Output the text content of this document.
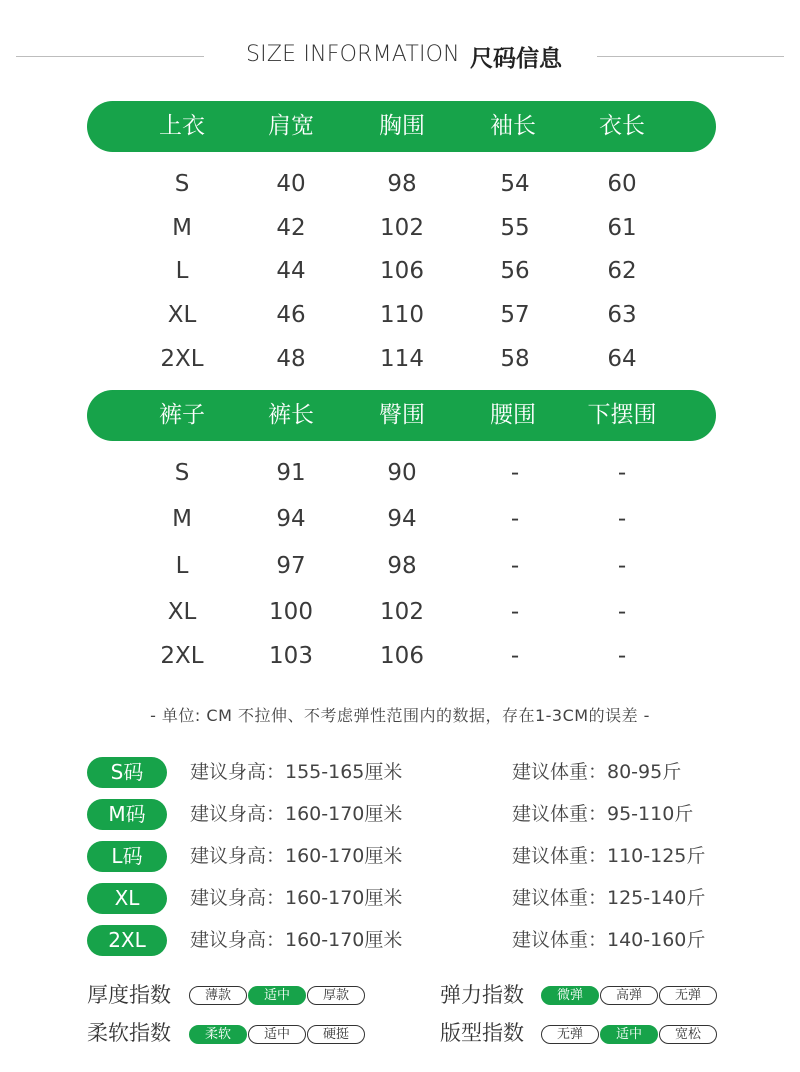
SIZE INFORMATION 尺码信息
上衣	肩宽	胸围	袖长	衣长
S	40	98	54	60
M	42	102	55	61
L	44	106	56	62
XL	46	110	57	63
2XL	48	114	58	64
裤子	裤长	臀围	腰围	下摆围
S	91	90	-	-
M	94	94	-	-
L	97	98	-	-
XL	100	102	-	-
2XL	103	106	-	-
- 单位: CM 不拉伸、不考虑弹性范围内的数据，存在1-3CM的误差 -
S码	建议身高：155-165厘米	建议体重：80-95斤
M码	建议身高：160-170厘米	建议体重：95-110斤
L码	建议身高：160-170厘米	建议体重：110-125斤
XL	建议身高：160-170厘米	建议体重：125-140斤
2XL	建议身高：160-170厘米	建议体重：140-160斤
厚度指数	薄款	适中	厚款	弹力指数	微弹	高弹	无弹
柔软指数	柔软	适中	硬挺	版型指数	无弹	适中	宽松
